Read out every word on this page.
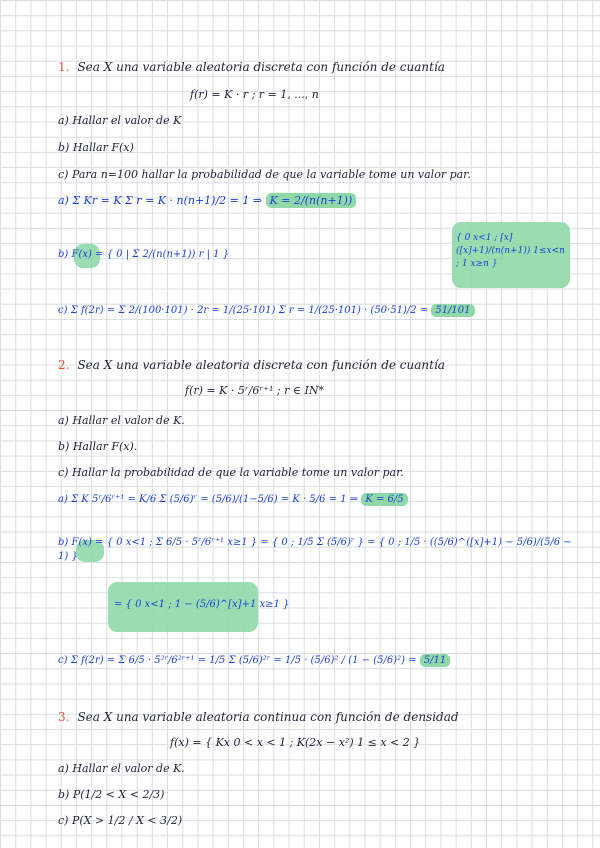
1. Sea X una variable aleatoria discreta con función de cuantía
f(r) = K · r ; r = 1, ..., n
a) Hallar el valor de K
b) Hallar F(x)
c) Para n=100 hallar la probabilidad de que la variable tome un valor par.
a) Σ Kr = K Σ r = K · n(n+1)/2 = 1 ⇒ K = 2/(n(n+1))
b) F(x) = { 0 | Σ 2/(n(n+1)) r | 1 }
{ 0 x<1 ; [x]([x]+1)/(n(n+1)) 1≤x<n ; 1 x≥n }
c) Σ f(2r) = Σ 2/(100·101) · 2r = 1/(25·101) Σ r = 1/(25·101) · (50·51)/2 = 51/101
2. Sea X una variable aleatoria discreta con función de cuantía
f(r) = K · 5ʳ/6ʳ⁺¹ ; r ∈ IN*
a) Hallar el valor de K.
b) Hallar F(x).
c) Hallar la probabilidad de que la variable tome un valor par.
a) Σ K 5ʳ/6ʳ⁺¹ = K/6 Σ (5/6)ʳ = (5/6)/(1−5/6) = K · 5/6 = 1 ⇒ K = 6/5
b) F(x) = { 0 x<1 ; Σ 6/5 · 5ʳ/6ʳ⁺¹ x≥1 } = { 0 ; 1/5 Σ (5/6)ʳ } = { 0 ; 1/5 · ((5/6)^([x]+1) − 5/6)/(5/6 − 1) }
= { 0 x<1 ; 1 − (5/6)^[x]+1 x≥1 }
c) Σ f(2r) = Σ 6/5 · 5²ʳ/6²ʳ⁺¹ = 1/5 Σ (5/6)²ʳ = 1/5 · (5/6)² / (1 − (5/6)²) = 5/11
3. Sea X una variable aleatoria continua con función de densidad
f(x) = { Kx 0 < x < 1 ; K(2x − x²) 1 ≤ x < 2 }
a) Hallar el valor de K.
b) P(1/2 < X < 2/3)
c) P(X > 1/2 / X < 3/2)
